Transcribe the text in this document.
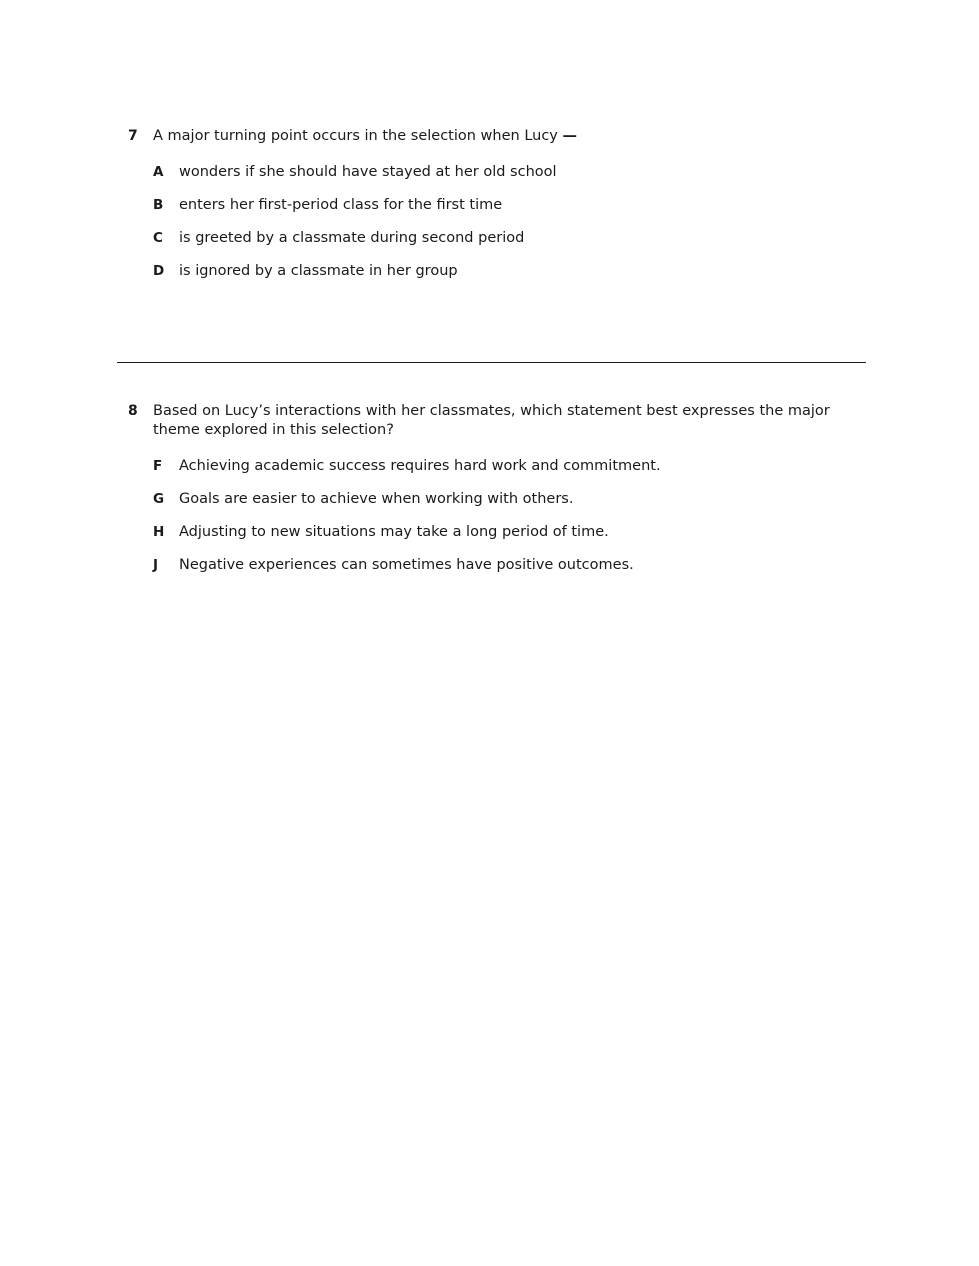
7	A major turning point occurs in the selection when Lucy —
A	wonders if she should have stayed at her old school
B	enters her first-period class for the first time
C	is greeted by a classmate during second period
D	is ignored by a classmate in her group
8	Based on Lucy’s interactions with her classmates, which statement best expresses the major theme explored in this selection?
F	Achieving academic success requires hard work and commitment.
G	Goals are easier to achieve when working with others.
H	Adjusting to new situations may take a long period of time.
J	Negative experiences can sometimes have positive outcomes.
